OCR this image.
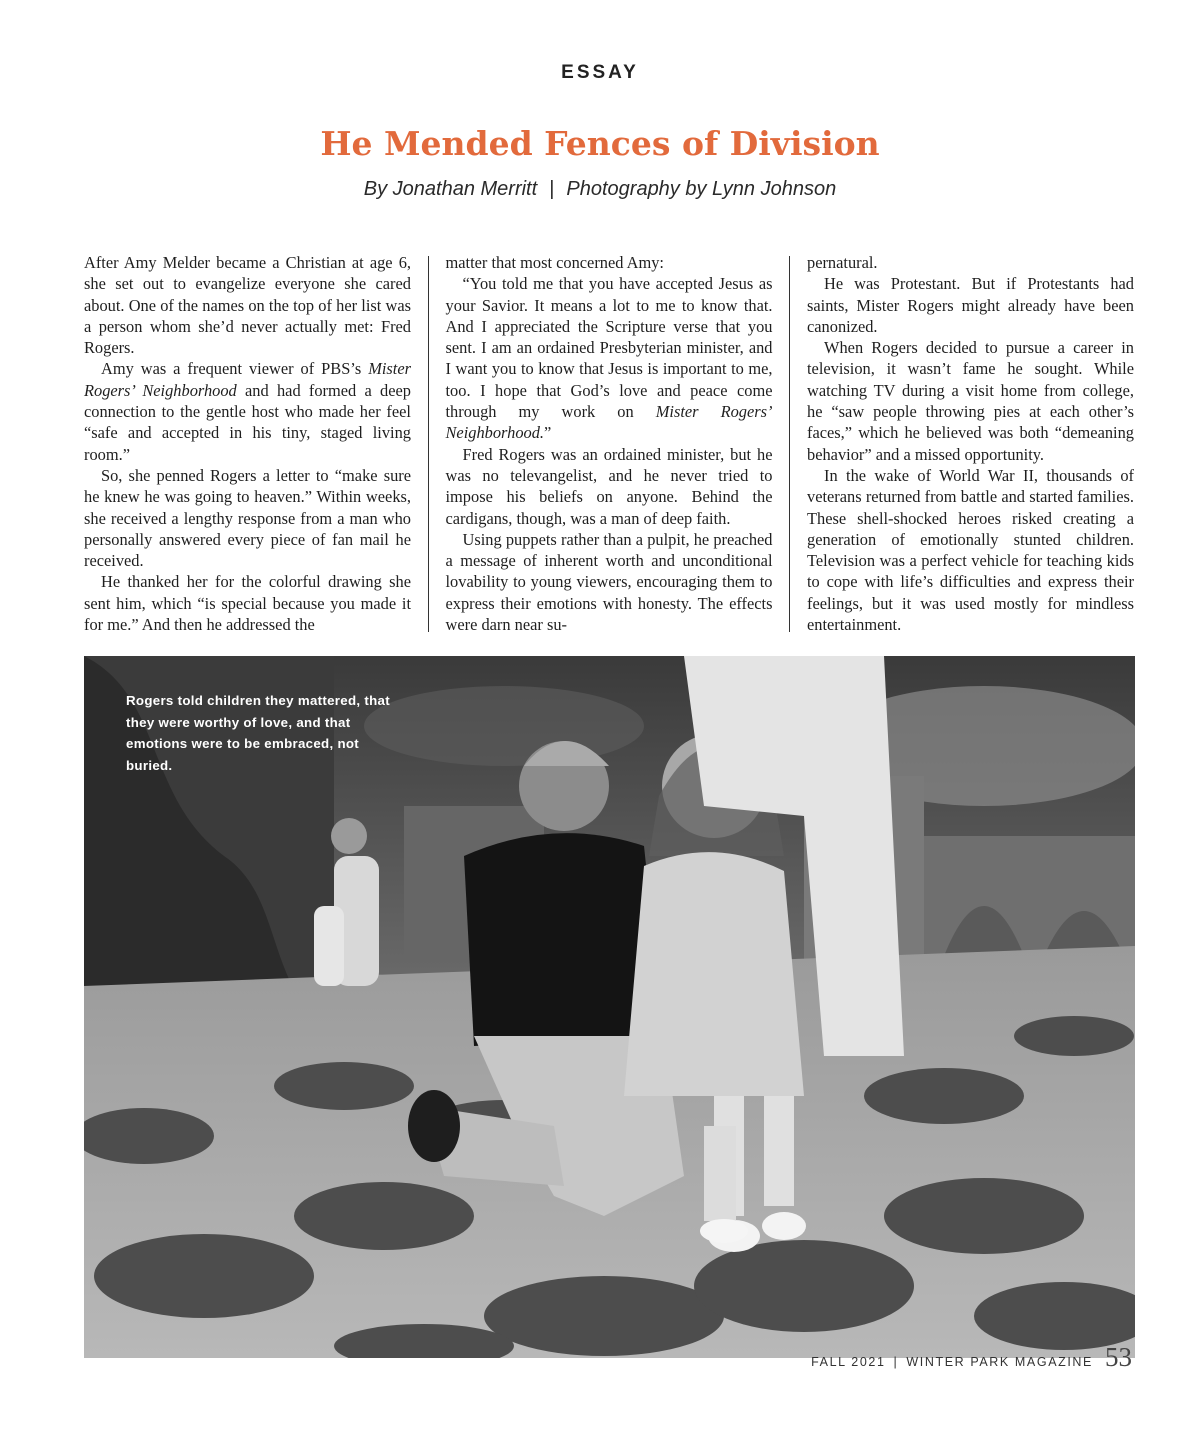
ESSAY
He Mended Fences of Division
By Jonathan Merritt | Photography by Lynn Johnson

After Amy Melder became a Christian at age 6, she set out to evangelize everyone she cared about. One of the names on the top of her list was a person whom she’d never actually met: Fred Rogers.

Amy was a frequent viewer of PBS’s Mister Rogers’ Neighborhood and had formed a deep connection to the gentle host who made her feel “safe and accepted in his tiny, staged living room.”

So, she penned Rogers a letter to “make sure he knew he was going to heaven.” Within weeks, she received a lengthy response from a man who personally answered every piece of fan mail he received.

He thanked her for the colorful drawing she sent him, which “is special because you made it for me.” And then he addressed the

matter that most concerned Amy:

“You told me that you have accepted Jesus as your Savior. It means a lot to me to know that. And I appreciated the Scripture verse that you sent. I am an ordained Presbyterian minister, and I want you to know that Jesus is important to me, too. I hope that God’s love and peace come through my work on Mister Rogers’ Neighborhood.”

Fred Rogers was an ordained minister, but he was no televangelist, and he never tried to impose his beliefs on anyone. Behind the cardigans, though, was a man of deep faith.

Using puppets rather than a pulpit, he preached a message of inherent worth and unconditional lovability to young viewers, encouraging them to express their emotions with honesty. The effects were darn near su-

pernatural.

He was Protestant. But if Protestants had saints, Mister Rogers might already have been canonized.

When Rogers decided to pursue a career in television, it wasn’t fame he sought. While watching TV during a visit home from college, he “saw people throwing pies at each other’s faces,” which he believed was both “demeaning behavior” and a missed opportunity.

In the wake of World War II, thousands of veterans returned from battle and started families. These shell-shocked heroes risked creating a generation of emotionally stunted children. Television was a perfect vehicle for teaching kids to cope with life’s difficulties and express their feelings, but it was used mostly for mindless entertainment.

Rogers told children they mattered, that they were worthy of love, and that emotions were to be embraced, not buried.
FALL 2021 | WINTER PARK MAGAZINE 53
